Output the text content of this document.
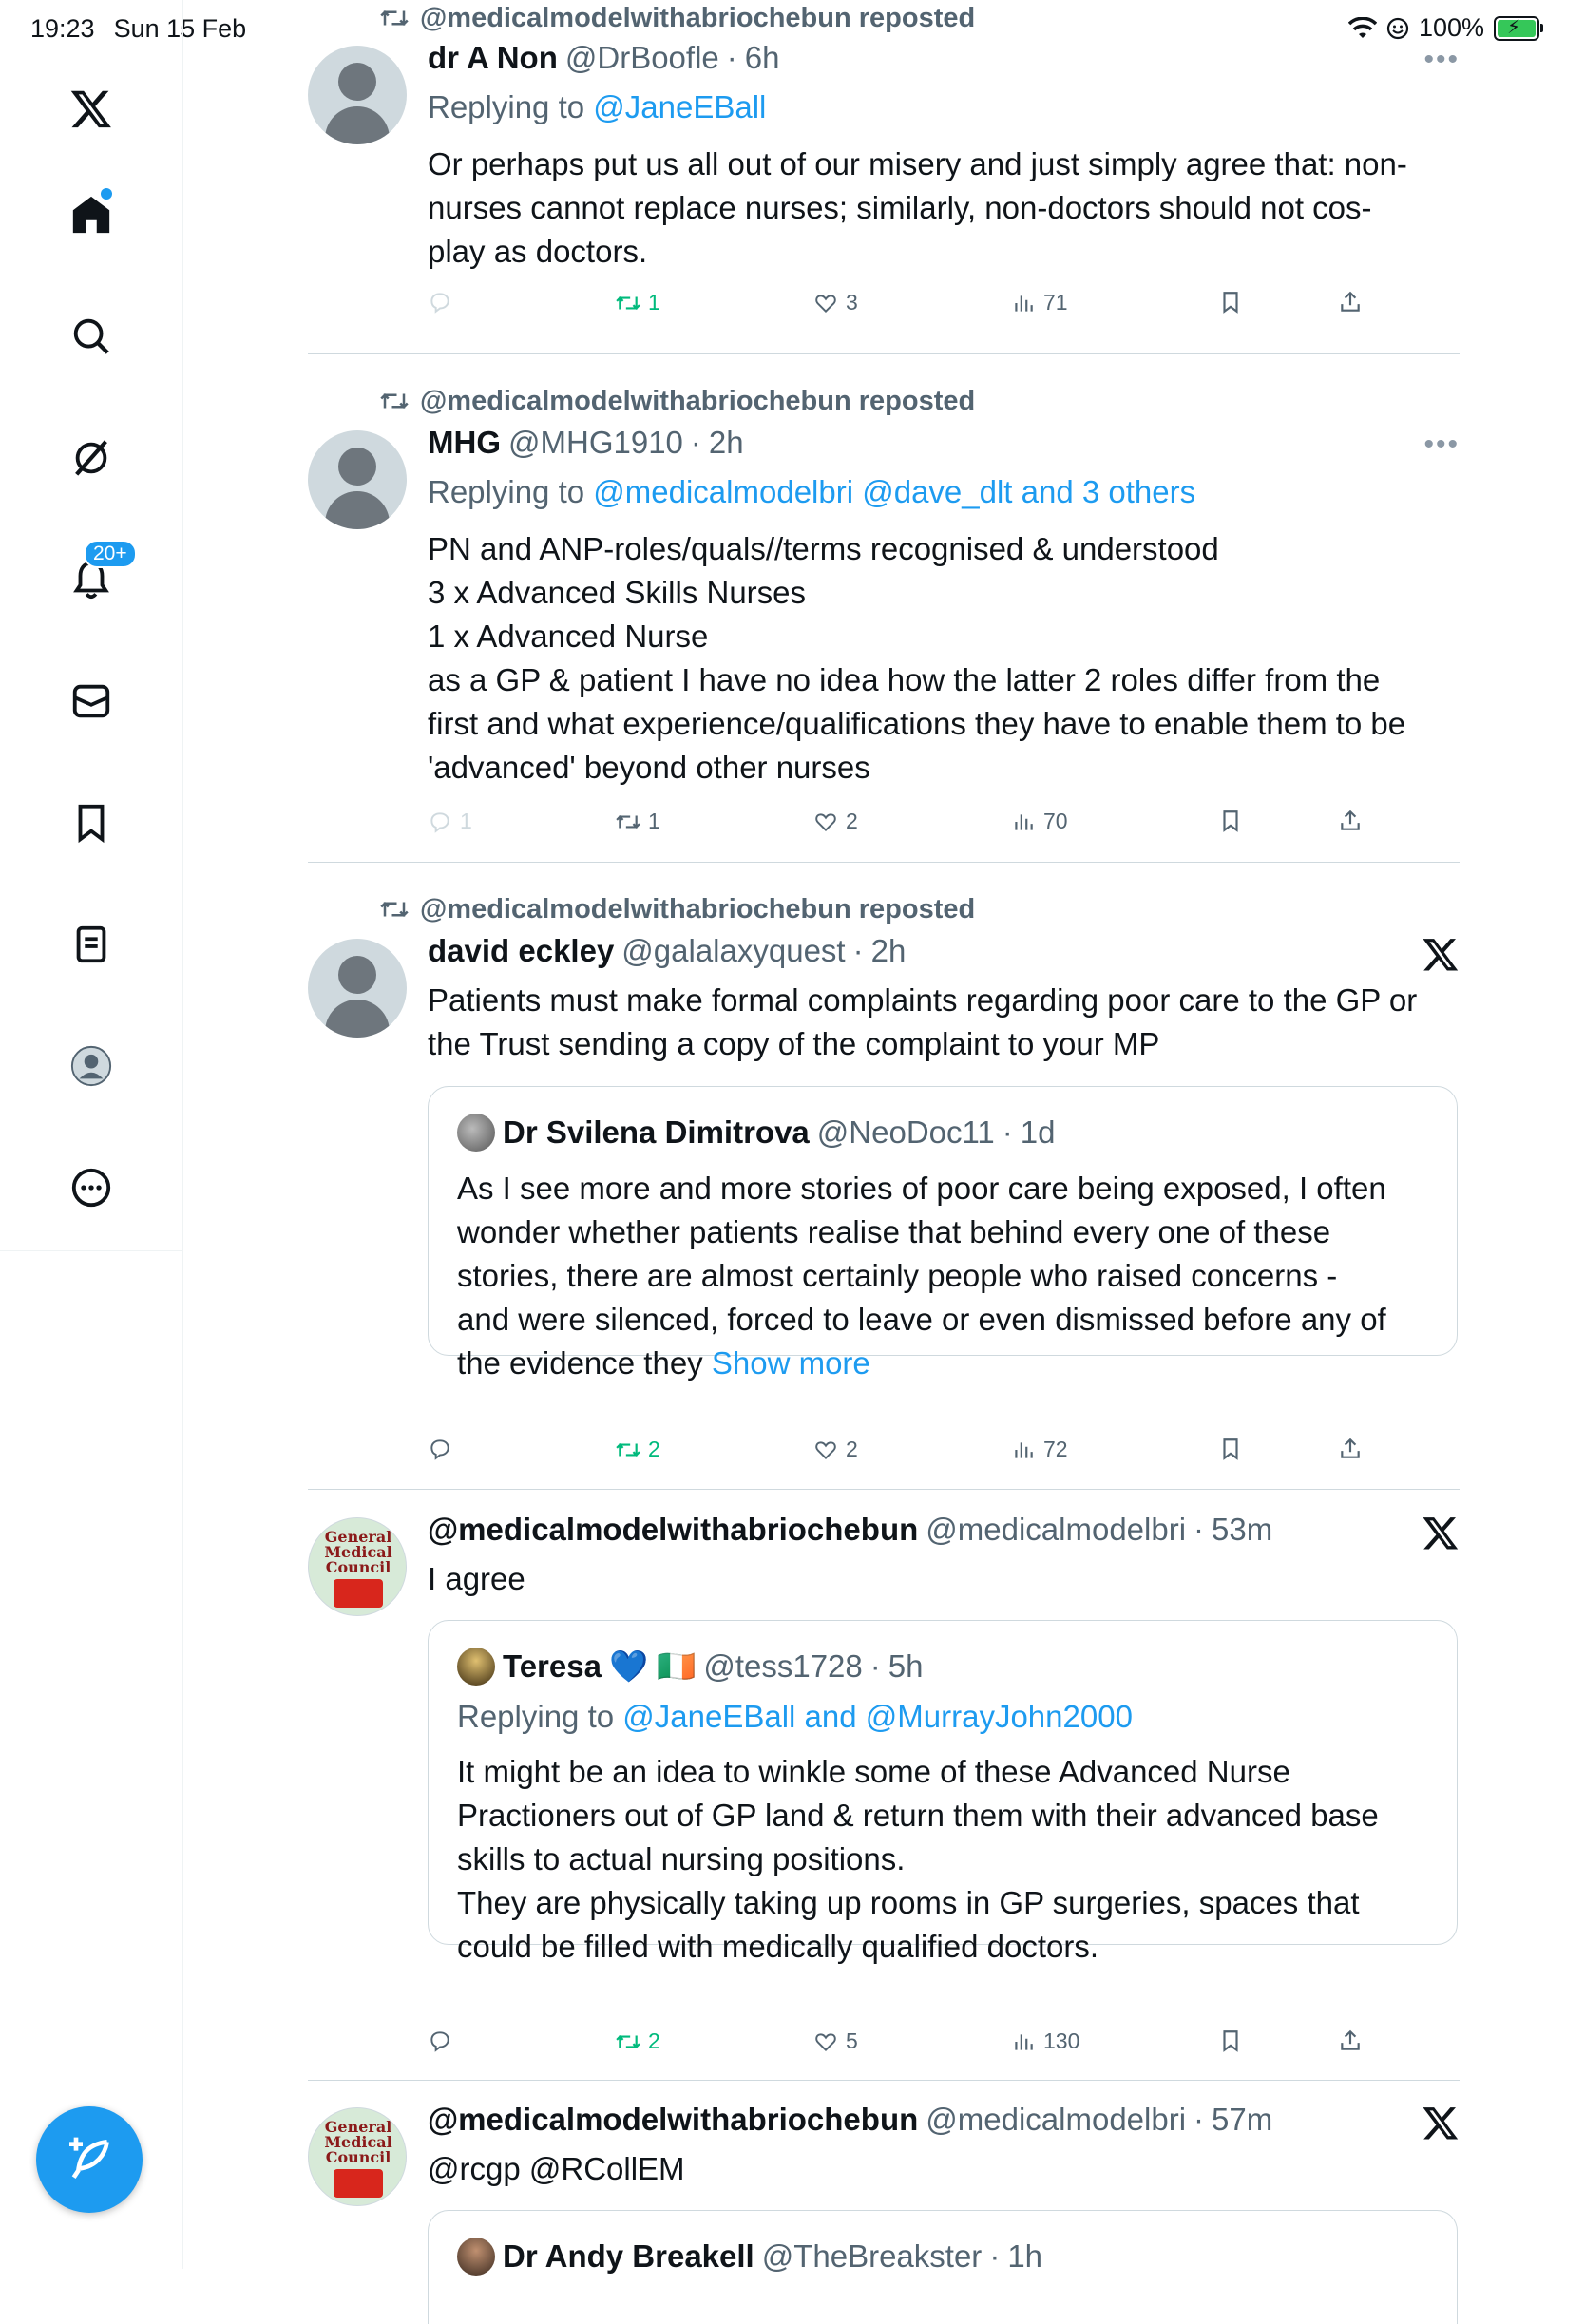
19:23 Sun 15 Feb	100% ⚡
20+
@medicalmodelwithabriochebun reposted
dr A Non @DrBoofle · 6h	•••
Replying to @JaneEBall
Or perhaps put us all out of our misery and just simply agree that: non-
nurses cannot replace nurses; similarly, non-doctors should not cos-
play as doctors.
1	3	71
@medicalmodelwithabriochebun reposted
MHG @MHG1910 · 2h	•••
Replying to @medicalmodelbri @dave_dlt and 3 others
PN and ANP-roles/quals//terms recognised & understood
3 x Advanced Skills Nurses
1 x Advanced Nurse
as a GP & patient I have no idea how the latter 2 roles differ from the
first and what experience/qualifications they have to enable them to be
'advanced' beyond other nurses
1	1	2	70
@medicalmodelwithabriochebun reposted
david eckley @galalaxyquest · 2h
Patients must make formal complaints regarding poor care to the GP or
the Trust sending a copy of the complaint to your MP
Dr Svilena Dimitrova @NeoDoc11 · 1d
As I see more and more stories of poor care being exposed, I often
wonder whether patients realise that behind every one of these
stories, there are almost certainly people who raised concerns -
and were silenced, forced to leave or even dismissed before any of
the evidence they Show more
2	2	72
General Medical Council
@medicalmodelwithabriochebun @medicalmodelbri · 53m
I agree
Teresa 💙 🇮🇪 @tess1728 · 5h
Replying to @JaneEBall and @MurrayJohn2000
It might be an idea to winkle some of these Advanced Nurse
Practioners out of GP land & return them with their advanced base
skills to actual nursing positions.
They are physically taking up rooms in GP surgeries, spaces that
could be filled with medically qualified doctors.
2	5	130
General Medical Council
@medicalmodelwithabriochebun @medicalmodelbri · 57m
@rcgp @RCollEM
Dr Andy Breakell @TheBreakster · 1h
